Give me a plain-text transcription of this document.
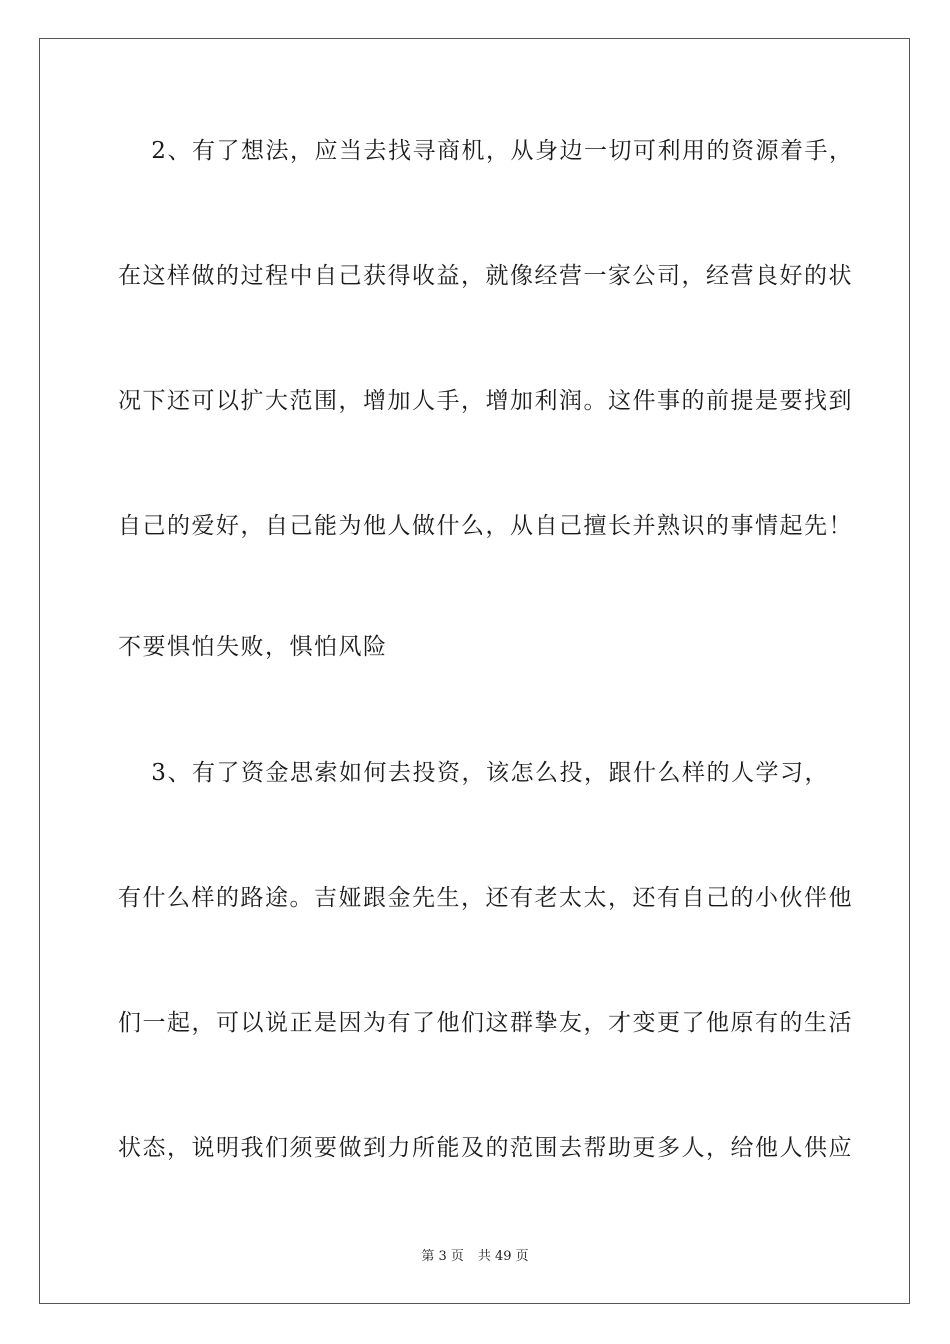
　 2、有了想法，应当去找寻商机，从身边一切可利用的资源着手，

在这样做的过程中自己获得收益，就像经营一家公司，经营良好的状

况下还可以扩大范围，增加人手，增加利润。这件事的前提是要找到

自己的爱好，自己能为他人做什么，从自己擅长并熟识的事情起先！

不要惧怕失败，惧怕风险

　 3、有了资金思索如何去投资，该怎么投，跟什么样的人学习，

有什么样的路途。吉娅跟金先生，还有老太太，还有自己的小伙伴他

们一起，可以说正是因为有了他们这群挚友，才变更了他原有的生活

状态，说明我们须要做到力所能及的范围去帮助更多人，给他人供应

第 3 页 共 49 页
